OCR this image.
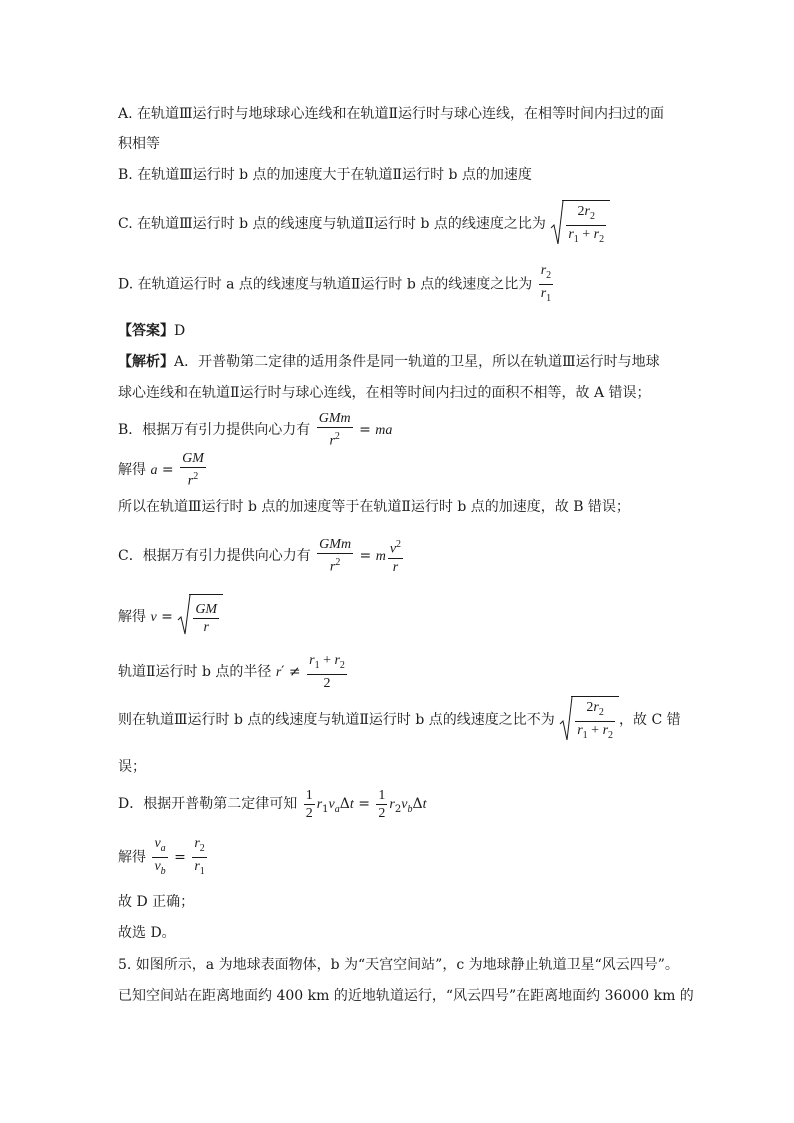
A. 在轨道Ⅲ运行时与地球球心连线和在轨道Ⅱ运行时与球心连线，在相等时间内扫过的面
积相等
B. 在轨道Ⅲ运行时 b 点的加速度大于在轨道Ⅱ运行时 b 点的加速度
C. 在轨道Ⅲ运行时 b 点的线速度与轨道Ⅱ运行时 b 点的线速度之比为 $\frac{2r_2}{r_1 + r_2}$
D. 在轨道运行时 a 点的线速度与轨道Ⅱ运行时 b 点的线速度之比为 $\frac{r_2}{r_1}$
【答案】D
【解析】A．开普勒第二定律的适用条件是同一轨道的卫星，所以在轨道Ⅲ运行时与地球
球心连线和在轨道Ⅱ运行时与球心连线，在相等时间内扫过的面积不相等，故 A 错误；
B．根据万有引力提供向心力有 $\frac{\text{GMm}}{r^2}$ = ma
解得 $a = \frac{GM}{r^2}$
所以在轨道Ⅲ运行时 b 点的加速度等于在轨道Ⅱ运行时 b 点的加速度，故 B 错误；
C．根据万有引力提供向心力有 $\frac{\text{GMm}}{r^2} = m \frac{v^2}{r}$
解得 $v = \frac{GM}{r}$
轨道Ⅱ运行时 b 点的半径 $r' \ne \frac{r_1 + r_2}{2}$
则在轨道Ⅲ运行时 b 点的线速度与轨道Ⅱ运行时 b 点的线速度之比不为 $\frac{2r_2}{r_1 + r_2}$ ，故 C 错
误；
D．根据开普勒第二定律可知 $\frac{1}{2} r_1v_a\Delta t = \frac{1}{2} r_2v_b\Delta t$
解得 $\frac{v_a}{v_b} = \frac{r_2}{r_1}$
故 D 正确；
故选 D。
5. 如图所示，a 为地球表面物体，b 为“天宫空间站”，c 为地球静止轨道卫星“风云四号”。
已知空间站在距离地面约 400 km 的近地轨道运行，“风云四号”在距离地面约 36000 km 的
